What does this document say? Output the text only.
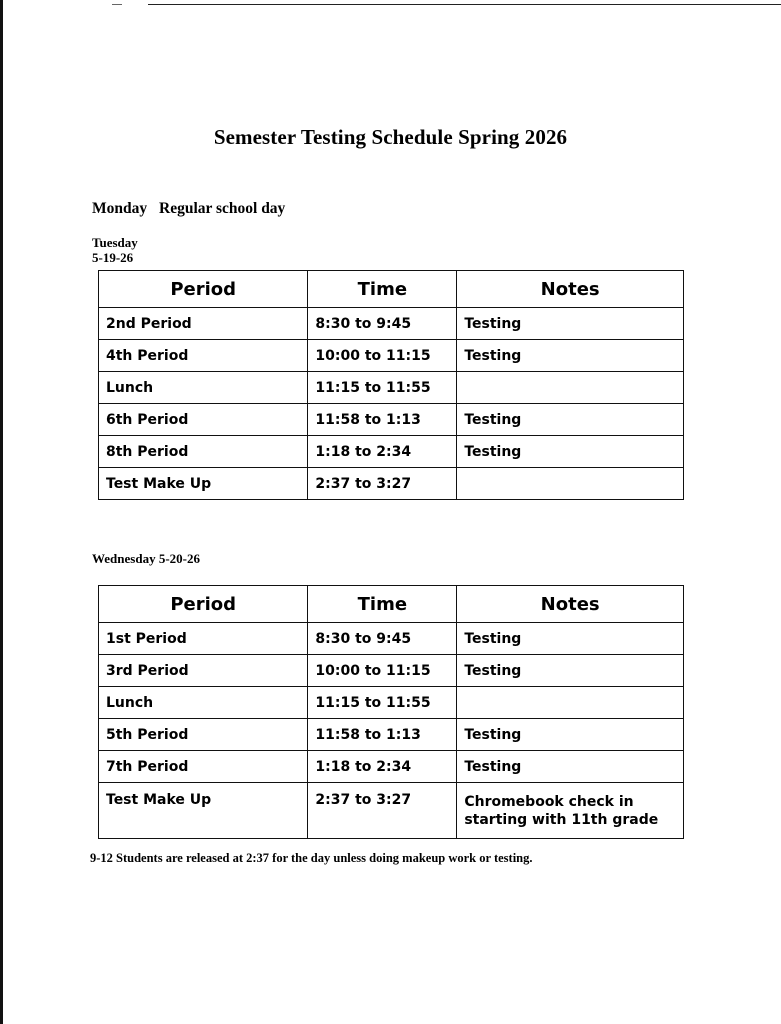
Semester Testing Schedule Spring 2026
Monday Regular school day
Tuesday
5-19-26
Period	Time	Notes
2nd Period	8:30 to 9:45	Testing
4th Period	10:00 to 11:15	Testing
Lunch	11:15 to 11:55	
6th Period	11:58 to 1:13	Testing
8th Period	1:18 to 2:34	Testing
Test Make Up	2:37 to 3:27	
Wednesday 5-20-26
Period	Time	Notes
1st Period	8:30 to 9:45	Testing
3rd Period	10:00 to 11:15	Testing
Lunch	11:15 to 11:55	
5th Period	11:58 to 1:13	Testing
7th Period	1:18 to 2:34	Testing
Test Make Up	2:37 to 3:27	Chromebook check in starting with 11th grade
9-12 Students are released at 2:37 for the day unless doing makeup work or testing.
